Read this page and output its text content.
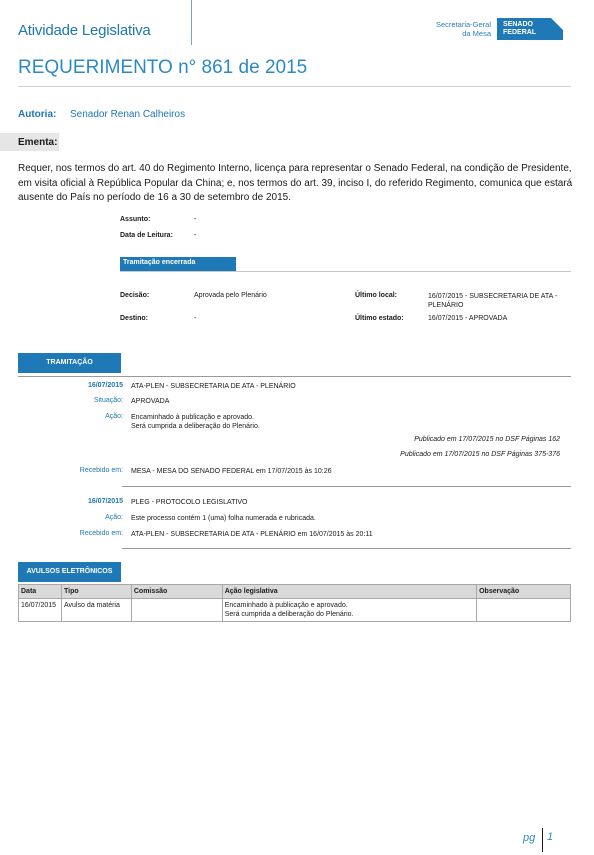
Atividade Legislativa	Secretaria-Geral
da Mesa
SENADO
FEDERAL
REQUERIMENTO n° 861 de 2015
Autoria: Senador Renan Calheiros
Ementa:
Requer, nos termos do art. 40 do Regimento Interno, licença para representar o Senado Federal, na condição de Presidente, em visita oficial à República Popular da China; e, nos termos do art. 39, inciso I, do referido Regimento, comunica que estará ausente do País no período de 16 a 30 de setembro de 2015.
Assunto:	-
Data de Leitura:	-
Tramitação encerrada
Decisão:	Aprovada pelo Plenário	Último local:	16/07/2015 - SUBSECRETARIA DE ATA - PLENÁRIO
Destino:	-	Último estado:	16/07/2015 - APROVADA
TRAMITAÇÃO
16/07/2015 ATA-PLEN - SUBSECRETARIA DE ATA - PLENÁRIO
Situação: APROVADA
Ação: Encaminhado à publicação e aprovado.
Será cumprida a deliberação do Plenário.
Publicado em 17/07/2015 no DSF Páginas 162
Publicado em 17/07/2015 no DSF Páginas 375-376
Recebido em: MESA - MESA DO SENADO FEDERAL em 17/07/2015 às 10:26
16/07/2015 PLEG - PROTOCOLO LEGISLATIVO
Ação: Este processo contém 1 (uma) folha numerada e rubricada.
Recebido em: ATA-PLEN - SUBSECRETARIA DE ATA - PLENÁRIO em 16/07/2015 às 20:11
AVULSOS ELETRÔNICOS
Data	Tipo	Comissão	Ação legislativa	Observação
16/07/2015	Avulso da matéria		Encaminhado à publicação e aprovado.
Será cumprida a deliberação do Plenário.	

pg 1
